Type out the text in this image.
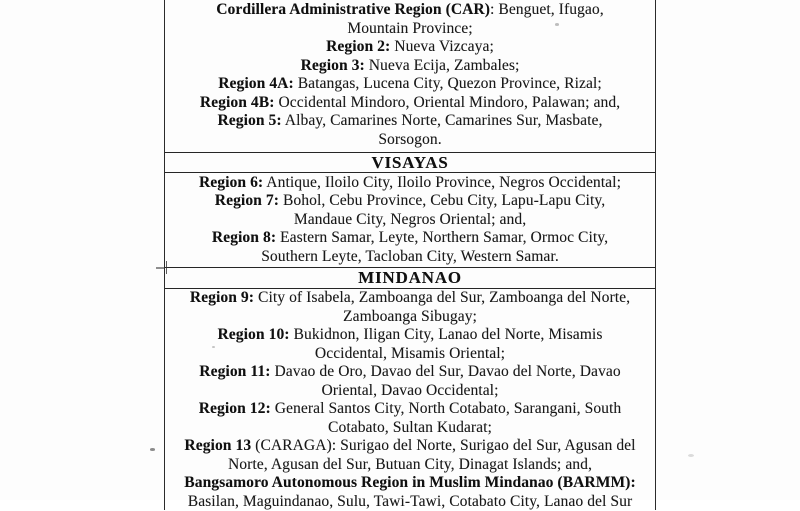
Cordillera Administrative Region (CAR): Benguet, Ifugao,
Mountain Province;
Region 2: Nueva Vizcaya;
Region 3: Nueva Ecija, Zambales;
Region 4A: Batangas, Lucena City, Quezon Province, Rizal;
Region 4B: Occidental Mindoro, Oriental Mindoro, Palawan; and,
Region 5: Albay, Camarines Norte, Camarines Sur, Masbate,
Sorsogon.
VISAYAS
Region 6: Antique, Iloilo City, Iloilo Province, Negros Occidental;
Region 7: Bohol, Cebu Province, Cebu City, Lapu-Lapu City,
Mandaue City, Negros Oriental; and,
Region 8: Eastern Samar, Leyte, Northern Samar, Ormoc City,
Southern Leyte, Tacloban City, Western Samar.
MINDANAO
Region 9: City of Isabela, Zamboanga del Sur, Zamboanga del Norte,
Zamboanga Sibugay;
Region 10: Bukidnon, Iligan City, Lanao del Norte, Misamis
Occidental, Misamis Oriental;
Region 11: Davao de Oro, Davao del Sur, Davao del Norte, Davao
Oriental, Davao Occidental;
Region 12: General Santos City, North Cotabato, Sarangani, South
Cotabato, Sultan Kudarat;
Region 13 (CARAGA): Surigao del Norte, Surigao del Sur, Agusan del
Norte, Agusan del Sur, Butuan City, Dinagat Islands; and,
Bangsamoro Autonomous Region in Muslim Mindanao (BARMM):
Basilan, Maguindanao, Sulu, Tawi-Tawi, Cotabato City, Lanao del Sur
